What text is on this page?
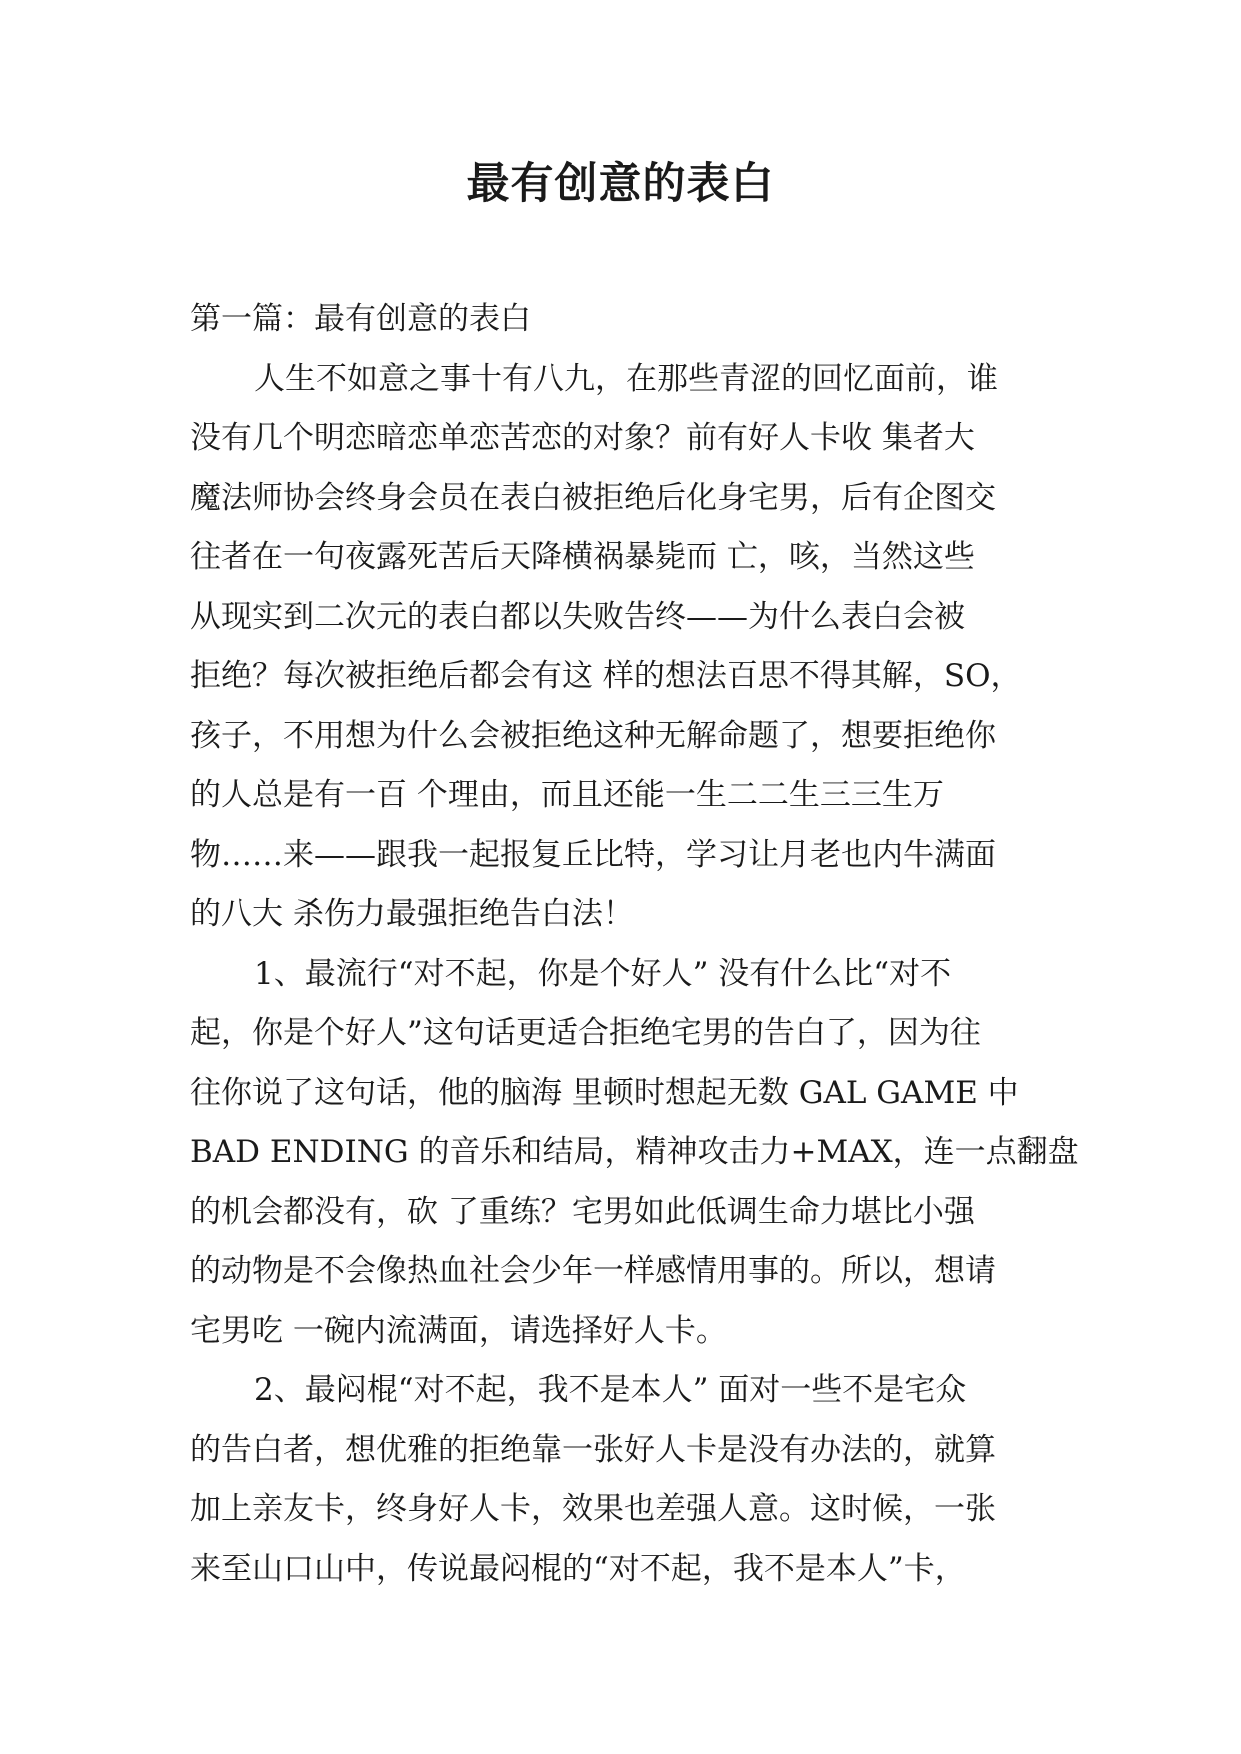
最有创意的表白
第一篇：最有创意的表白
人生不如意之事十有八九，在那些青涩的回忆面前，谁
没有几个明恋暗恋单恋苦恋的对象？前有好人卡收 集者大
魔法师协会终身会员在表白被拒绝后化身宅男，后有企图交
往者在一句夜露死苦后天降横祸暴毙而 亡，咳，当然这些
从现实到二次元的表白都以失败告终——为什么表白会被
拒绝？每次被拒绝后都会有这 样的想法百思不得其解，SO，
孩子，不用想为什么会被拒绝这种无解命题了，想要拒绝你
的人总是有一百 个理由，而且还能一生二二生三三生万
物……来——跟我一起报复丘比特，学习让月老也内牛满面
的八大 杀伤力最强拒绝告白法！
1、最流行“对不起，你是个好人” 没有什么比“对不
起，你是个好人”这句话更适合拒绝宅男的告白了，因为往
往你说了这句话，他的脑海 里顿时想起无数 GAL GAME 中
BAD ENDING 的音乐和结局，精神攻击力+MAX，连一点翻盘
的机会都没有，砍 了重练？宅男如此低调生命力堪比小强
的动物是不会像热血社会少年一样感情用事的。所以，想请
宅男吃 一碗内流满面，请选择好人卡。
2、最闷棍“对不起，我不是本人” 面对一些不是宅众
的告白者，想优雅的拒绝靠一张好人卡是没有办法的，就算
加上亲友卡，终身好人卡，效果也差强人意。这时候，一张
来至山口山中，传说最闷棍的“对不起，我不是本人”卡，
